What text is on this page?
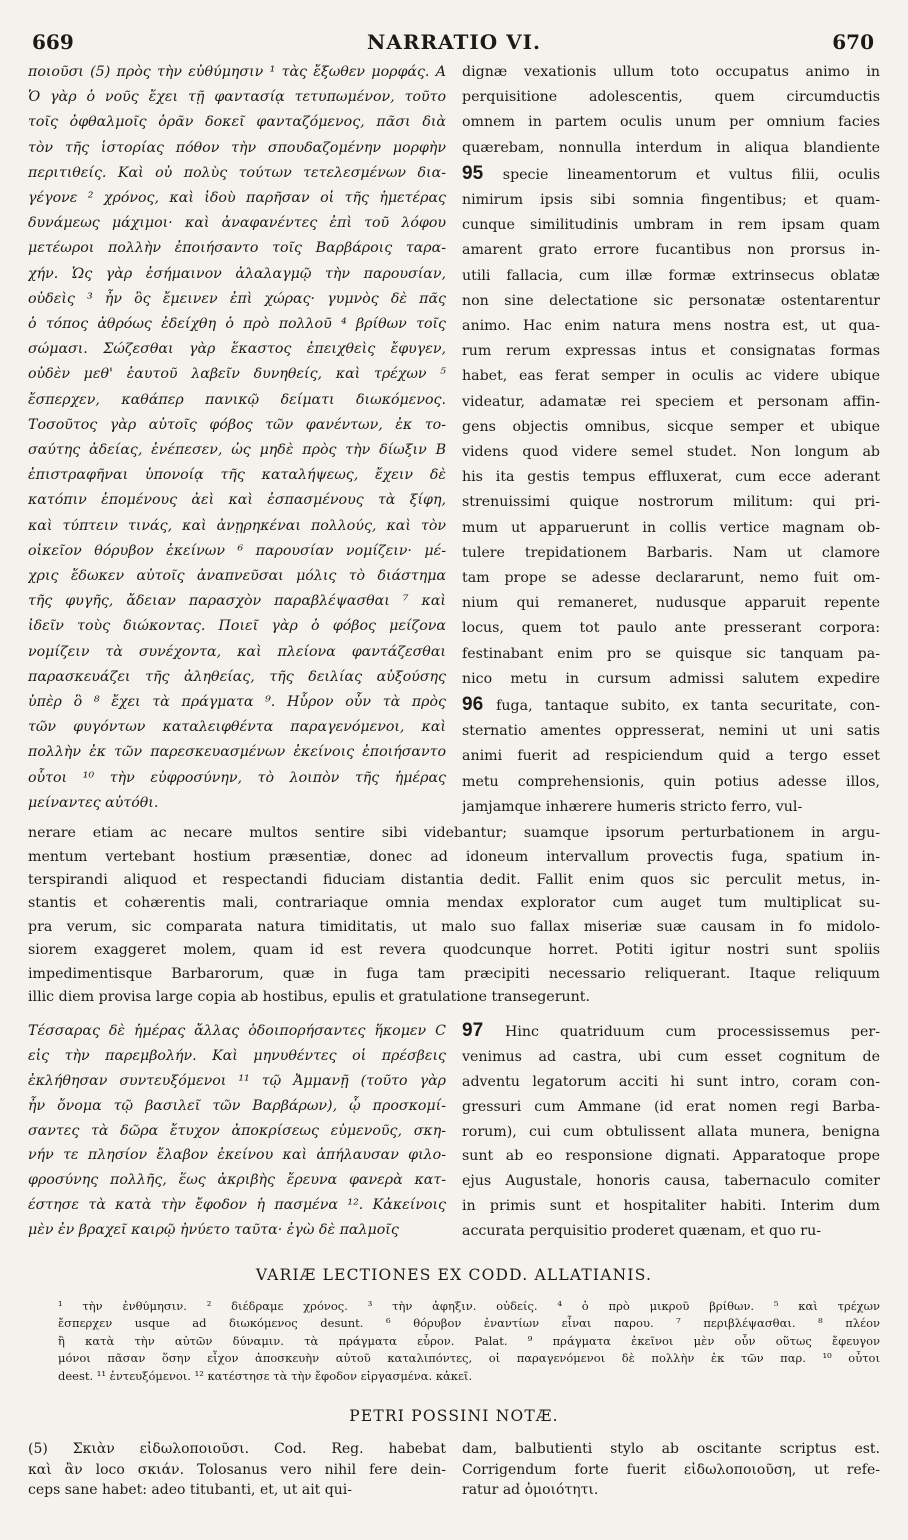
669	NARRATIO VI.	670
ποιοῦσι (5) πρὸς τὴν εὐθύμησιν ¹ τὰς ἔξωθεν μορφάς. A
Ὁ γὰρ ὁ νοῦς ἔχει τῇ φαντασίᾳ τετυπωμένον, τοῦτο
τοῖς ὀφθαλμοῖς ὁρᾶν δοκεῖ φανταζόμενος, πᾶσι διὰ
τὸν τῆς ἱστορίας πόθον τὴν σπουδαζομένην μορφὴν
περιτιθείς. Καὶ οὐ πολὺς τούτων τετελεσμένων δια-
γέγονε ² χρόνος, καὶ ἰδοὺ παρῆσαν οἱ τῆς ἡμετέρας
δυνάμεως μάχιμοι· καὶ ἀναφανέντες ἐπὶ τοῦ λόφου
μετέωροι πολλὴν ἐποιήσαντο τοῖς Βαρβάροις ταρα-
χήν. Ὡς γὰρ ἐσήμαινον ἀλαλαγμῷ τὴν παρουσίαν,
οὐδεὶς ³ ἦν ὃς ἔμεινεν ἐπὶ χώρας· γυμνὸς δὲ πᾶς
ὁ τόπος ἀθρόως ἐδείχθη ὁ πρὸ πολλοῦ ⁴ βρίθων τοῖς
σώμασι. Σώζεσθαι γὰρ ἕκαστος ἐπειχθεὶς ἔφυγεν,
οὐδὲν μεθ' ἑαυτοῦ λαβεῖν δυνηθείς, καὶ τρέχων ⁵
ἔσπερχεν, καθάπερ πανικῷ δείματι διωκόμενος.
Τοσοῦτος γὰρ αὐτοῖς φόβος τῶν φανέντων, ἐκ το-
σαύτης ἀδείας, ἐνέπεσεν, ὡς μηδὲ πρὸς τὴν δίωξιν B
ἐπιστραφῆναι ὑπονοίᾳ τῆς καταλήψεως, ἔχειν δὲ
κατόπιν ἑπομένους ἀεὶ καὶ ἐσπασμένους τὰ ξίφη,
καὶ τύπτειν τινάς, καὶ ἀνῃρηκέναι πολλούς, καὶ τὸν
οἰκεῖον θόρυβον ἐκείνων ⁶ παρουσίαν νομίζειν· μέ-
χρις ἔδωκεν αὐτοῖς ἀναπνεῦσαι μόλις τὸ διάστημα
τῆς φυγῆς, ἄδειαν παρασχὸν παραβλέψασθαι ⁷ καὶ
ἰδεῖν τοὺς διώκοντας. Ποιεῖ γὰρ ὁ φόβος μείζονα
νομίζειν τὰ συνέχοντα, καὶ πλείονα φαντάζεσθαι
παρασκευάζει τῆς ἀληθείας, τῆς δειλίας αὐξούσης
ὑπὲρ ὃ ⁸ ἔχει τὰ πράγματα ⁹. Ηὗρον οὖν τὰ πρὸς
τῶν φυγόντων καταλειφθέντα παραγενόμενοι, καὶ
πολλὴν ἐκ τῶν παρεσκευασμένων ἐκείνοις ἐποιήσαντο
οὗτοι ¹⁰ τὴν εὐφροσύνην, τὸ λοιπὸν τῆς ἡμέρας
μείναντες αὐτόθι.
dignæ vexationis ullum toto occupatus animo in
perquisitione adolescentis, quem circumductis
omnem in partem oculis unum per omnium facies
quærebam, nonnulla interdum in aliqua blandiente
95 specie lineamentorum et vultus filii, oculis
nimirum ipsis sibi somnia fingentibus; et quam-
cunque similitudinis umbram in rem ipsam quam
amarent grato errore fucantibus non prorsus in-
utili fallacia, cum illæ formæ extrinsecus oblatæ
non sine delectatione sic personatæ ostentarentur
animo. Hac enim natura mens nostra est, ut qua-
rum rerum expressas intus et consignatas formas
habet, eas ferat semper in oculis ac videre ubique
videatur, adamatæ rei speciem et personam affin-
gens objectis omnibus, sicque semper et ubique
videns quod videre semel studet. Non longum ab
his ita gestis tempus effluxerat, cum ecce aderant
strenuissimi quique nostrorum militum: qui pri-
mum ut apparuerunt in collis vertice magnam ob-
tulere trepidationem Barbaris. Nam ut clamore
tam prope se adesse declararunt, nemo fuit om-
nium qui remaneret, nudusque apparuit repente
locus, quem tot paulo ante presserant corpora:
festinabant enim pro se quisque sic tanquam pa-
nico metu in cursum admissi salutem expedire
96 fuga, tantaque subito, ex tanta securitate, con-
sternatio amentes oppresserat, nemini ut uni satis
animi fuerit ad respiciendum quid a tergo esset
metu comprehensionis, quin potius adesse illos,
jamjamque inhærere humeris stricto ferro, vul-
nerare etiam ac necare multos sentire sibi videbantur; suamque ipsorum perturbationem in argu-
mentum vertebant hostium præsentiæ, donec ad idoneum intervallum provectis fuga, spatium in-
terspirandi aliquod et respectandi fiduciam distantia dedit. Fallit enim quos sic perculit metus, in-
stantis et cohærentis mali, contrariaque omnia mendax explorator cum auget tum multiplicat su-
pra verum, sic comparata natura timiditatis, ut malo suo fallax miseriæ suæ causam in fo midolo-
siorem exaggeret molem, quam id est revera quodcunque horret. Potiti igitur nostri sunt spoliis
impedimentisque Barbarorum, quæ in fuga tam præcipiti necessario reliquerant. Itaque reliquum
illic diem provisa large copia ab hostibus, epulis et gratulatione transegerunt.
Τέσσαρας δὲ ἡμέρας ἄλλας ὁδοιπορήσαντες ἥκομεν C
εἰς τὴν παρεμβολήν. Καὶ μηνυθέντες οἱ πρέσβεις
ἐκλήθησαν συντευξόμενοι ¹¹ τῷ Ἀμμανῇ (τοῦτο γὰρ
ἦν ὄνομα τῷ βασιλεῖ τῶν Βαρβάρων), ᾧ προσκομί-
σαντες τὰ δῶρα ἔτυχον ἀποκρίσεως εὐμενοῦς, σκη-
νήν τε πλησίον ἔλαβον ἐκείνου καὶ ἀπήλαυσαν φιλο-
φροσύνης πολλῆς, ἕως ἀκριβὴς ἔρευνα φανερὰ κατ-
έστησε τὰ κατὰ τὴν ἔφοδον ἡ πασμένα ¹². Κἀκείνοις
μὲν ἐν βραχεῖ καιρῷ ἠνύετο ταῦτα· ἐγὼ δὲ παλμοῖς
97 Hinc quatriduum cum processissemus per-
venimus ad castra, ubi cum esset cognitum de
adventu legatorum acciti hi sunt intro, coram con-
gressuri cum Ammane (id erat nomen regi Barba-
rorum), cui cum obtulissent allata munera, benigna
sunt ab eo responsione dignati. Apparatoque prope
ejus Augustale, honoris causa, tabernaculo comiter
in primis sunt et hospitaliter habiti. Interim dum
accurata perquisitio proderet quænam, et quo ru-
VARIÆ LECTIONES EX CODD. ALLATIANIS.
¹ τὴν ἐνθύμησιν. ² διέδραμε χρόνος. ³ τὴν ἀφηξιν. οὐδείς. ⁴ ὁ πρὸ μικροῦ βρίθων. ⁵ καὶ τρέχων
ἔσπερχεν usque ad διωκόμενος desunt. ⁶ θόρυβον ἐναντίων εἶναι παρου. ⁷ περιβλέψασθαι. ⁸ πλέον
ἢ κατὰ τὴν αὐτῶν δύναμιν. τὰ πράγματα εὗρον. Palat. ⁹ πράγματα ἐκεῖνοι μὲν οὖν οὕτως ἔφευγον
μόνοι πᾶσαν ὅσην εἶχον ἀποσκευὴν αὐτοῦ καταλιπόντες, οἱ παραγενόμενοι δὲ πολλὴν ἐκ τῶν παρ. ¹⁰ οὗτοι
deest. ¹¹ ἐντευξόμενοι. ¹² κατέστησε τὰ τὴν ἔφοδον εἰργασμένα. κἀκεῖ.
PETRI POSSINI NOTÆ.
(5) Σκιὰν εἰδωλοποιοῦσι. Cod. Reg. habebat
καὶ ἂν loco σκιάν. Tolosanus vero nihil fere dein-
ceps sane habet: adeo titubanti, et, ut ait qui-
dam, balbutienti stylo ab oscitante scriptus est.
Corrigendum forte fuerit εἰδωλοποιοῦση, ut refe-
ratur ad ὁμοιότητι.
